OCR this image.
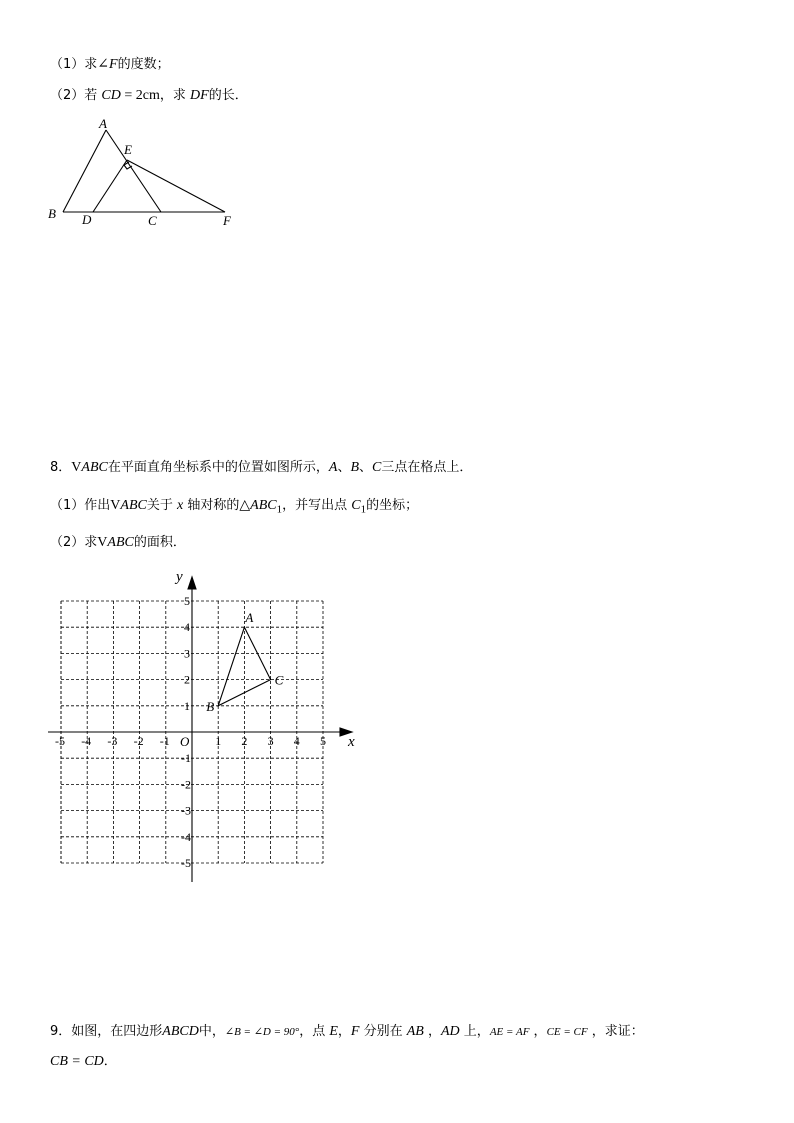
（1）求∠F的度数；
（2）若 CD = 2cm，求 DF的长．
A
E
B D	C	F
8．VABC在平面直角坐标系中的位置如图所示，A、B、C三点在格点上．
（1）作出VABC关于 x 轴对称的$\triangle ABC_1$，并写出点 $C_1$的坐标；
（2）求VABC的面积．
-5 -4 -3 -2 -1	1 2 3 4 5
5
4
3
2
1
-1
-2
-3
-4
-5
A
B
C
x
y
O
9．如图，在四边形ABCD中，∠B = ∠D = 90°，点 E，F 分别在 AB ，AD 上，AE = AF ，CE = CF ，求证：
CB = CD．
